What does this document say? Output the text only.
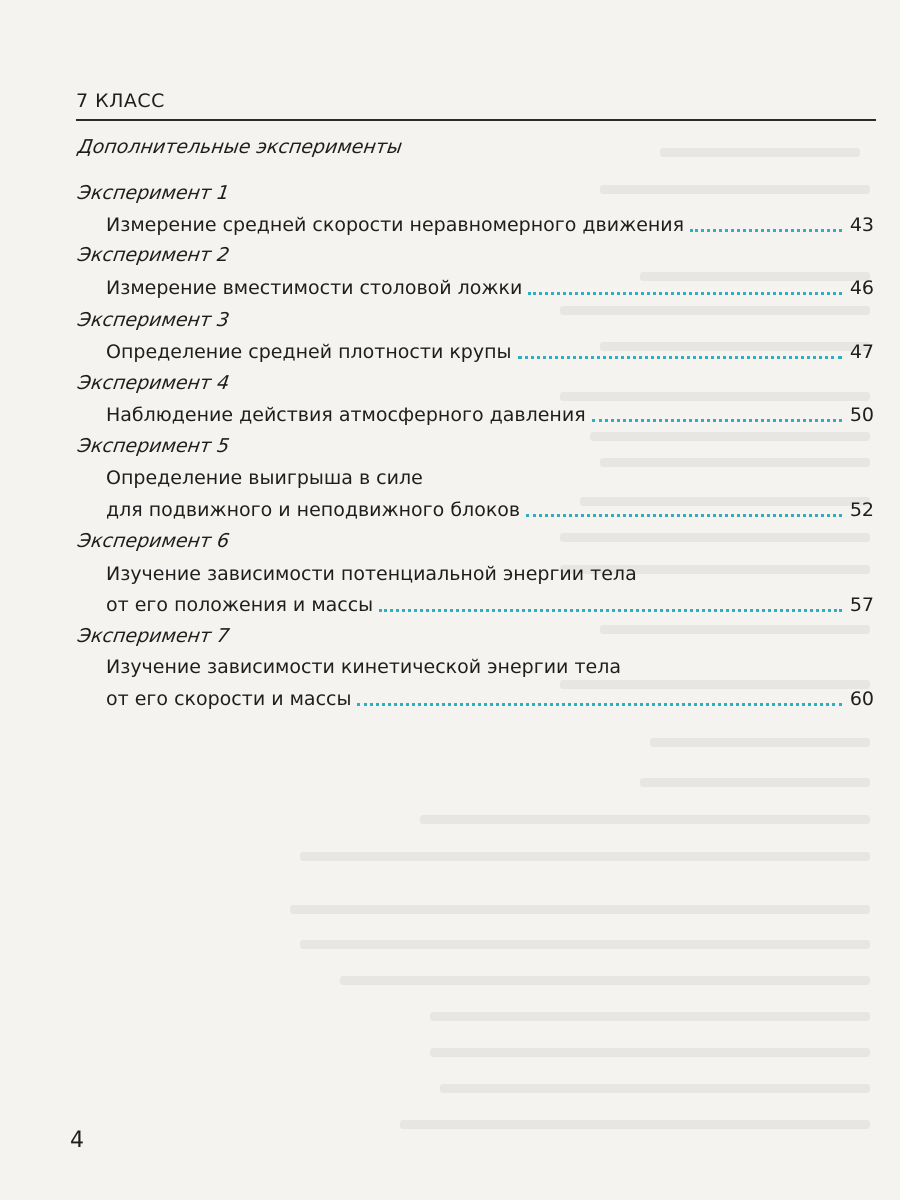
7 КЛАСС
Дополнительные эксперименты
Эксперимент 1
Измерение средней скорости неравномерного движения	43
Эксперимент 2
Измерение вместимости столовой ложки	46
Эксперимент 3
Определение средней плотности крупы	47
Эксперимент 4
Наблюдение действия атмосферного давления	50
Эксперимент 5
Определение выигрыша в силе
для подвижного и неподвижного блоков	52
Эксперимент 6
Изучение зависимости потенциальной энергии тела
от его положения и массы	57
Эксперимент 7
Изучение зависимости кинетической энергии тела
от его скорости и массы	60
4
